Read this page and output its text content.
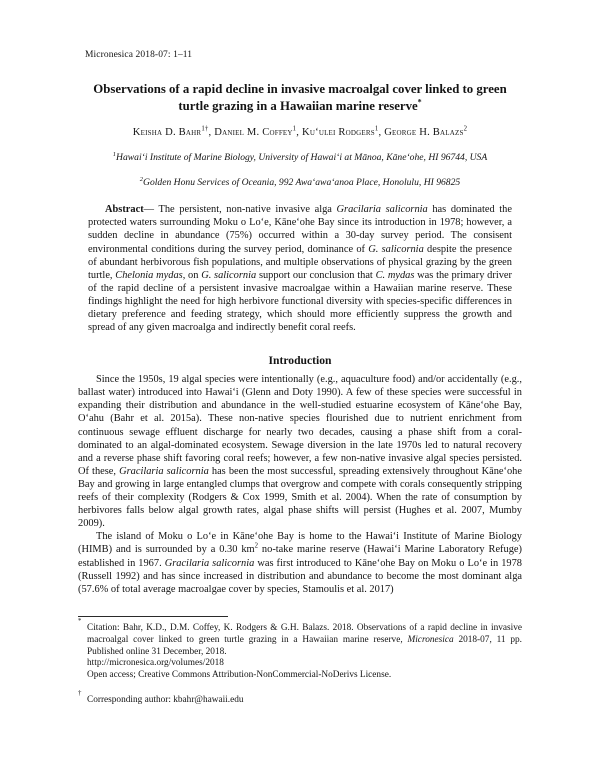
Micronesica 2018-07: 1–11
Observations of a rapid decline in invasive macroalgal cover linked to green turtle grazing in a Hawaiian marine reserve*
Keisha D. Bahr$^{1\dagger}$, Daniel M. Coffey$^1$, Kuʻulei Rodgers$^1$, George H. Balazs$^2$
$^1$Hawaiʻi Institute of Marine Biology, University of Hawaiʻi at Mānoa, Kāneʻohe, HI 96744, USA
$^2$Golden Honu Services of Oceania, 992 Awaʻawaʻanoa Place, Honolulu, HI 96825

Abstract— The persistent, non-native invasive alga Gracilaria salicornia has dominated the protected waters surrounding Moku o Loʻe, Kāneʻohe Bay since its introduction in 1978; however, a sudden decline in abundance (75%) occurred within a 30-day survey period. The consisent environmental conditions during the survey period, dominance of G. salicornia despite the presence of abundant herbivorous fish populations, and multiple observations of physical grazing by the green turtle, Chelonia mydas, on G. salicornia support our conclusion that C. mydas was the primary driver of the rapid decline of a persistent invasive macroalgae within a Hawaiian marine reserve. These findings highlight the need for high herbivore functional diversity with species-specific differences in dietary preference and feeding strategy, which should more efficiently suppress the growth and spread of any given macroalga and indirectly benefit coral reefs.

Introduction

Since the 1950s, 19 algal species were intentionally (e.g., aquaculture food) and/or accidentally (e.g., ballast water) introduced into Hawaiʻi (Glenn and Doty 1990). A few of these species were successful in expanding their distribution and abundance in the well-studied estuarine ecosystem of Kāneʻohe Bay, Oʻahu (Bahr et al. 2015a). These non-native species flourished due to nutrient enrichment from continuous sewage effluent discharge for nearly two decades, causing a phase shift from a coral-dominated to an algal-dominated ecosystem. Sewage diversion in the late 1970s led to natural recovery and a reverse phase shift favoring coral reefs; however, a few non-native invasive algal species persisted. Of these, Gracilaria salicornia has been the most successful, spreading extensively throughout Kāneʻohe Bay and growing in large entangled clumps that overgrow and compete with corals consequently stripping reefs of their complexity (Rodgers & Cox 1999, Smith et al. 2004). When the rate of consumption by herbivores falls below algal growth rates, algal phase shifts will persist (Hughes et al. 2007, Mumby 2009).

The island of Moku o Loʻe in Kāneʻohe Bay is home to the Hawaiʻi Institute of Marine Biology (HIMB) and is surrounded by a 0.30 $km^2$ no-take marine reserve (Hawaiʻi Marine Laboratory Refuge) established in 1967. Gracilaria salicornia was first introduced to Kāneʻohe Bay on Moku o Loʻe in 1978 (Russell 1992) and has since increased in distribution and abundance to become the most dominant alga (57.6% of total average macroalgae cover by species, Stamoulis et al. 2017)

*
Citation: Bahr, K.D., D.M. Coffey, K. Rodgers & G.H. Balazs. 2018. Observations of a rapid decline in invasive macroalgal cover linked to green turtle grazing in a Hawaiian marine reserve, Micronesica 2018-07, 11 pp. Published online 31 December, 2018.
http://micronesica.org/volumes/2018
Open access; Creative Commons Attribution-NonCommercial-NoDerivs License.
†
Corresponding author: kbahr@hawaii.edu
